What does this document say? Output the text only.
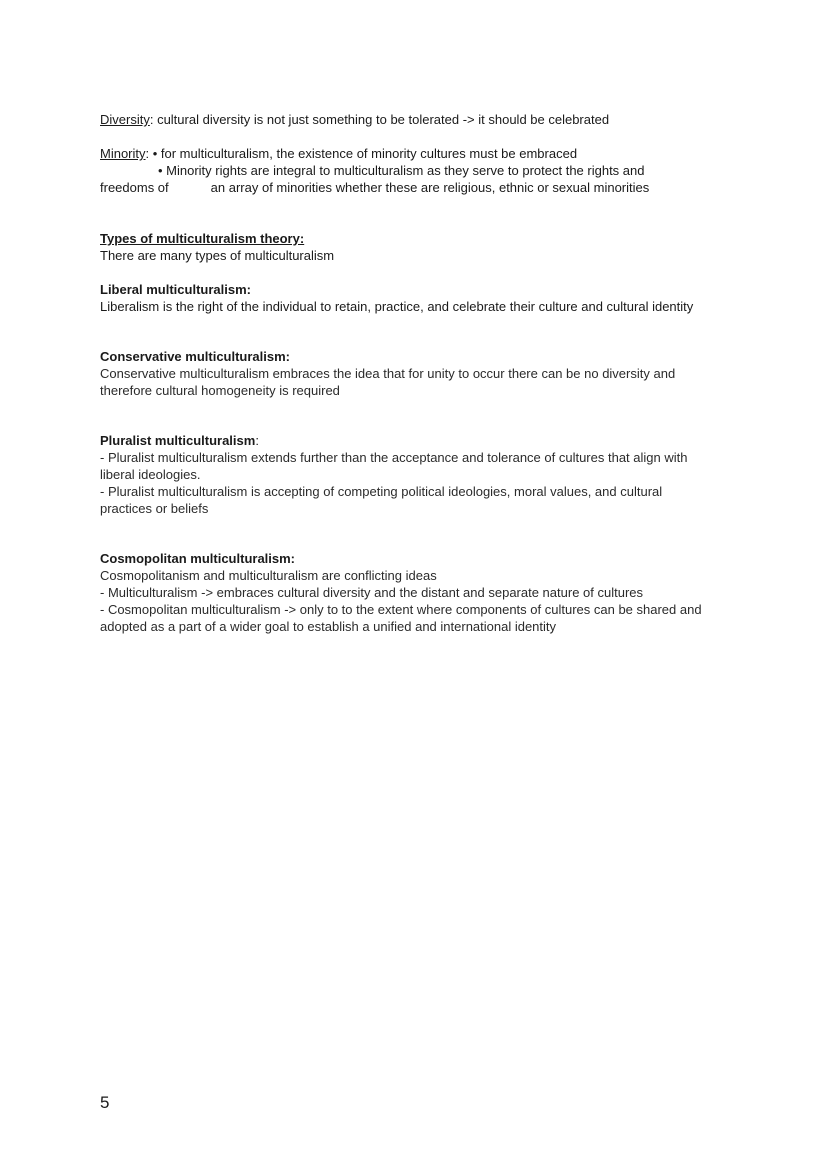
Diversity: cultural diversity is not just something to be tolerated -> it should be celebrated
Minority: • for multiculturalism, the existence of minority cultures must be embraced
• Minority rights are integral to multiculturalism as they serve to protect the rights and
freedoms of	an array of minorities whether these are religious, ethnic or sexual minorities
Types of multiculturalism theory:
There are many types of multiculturalism
Liberal multiculturalism:
Liberalism is the right of the individual to retain, practice, and celebrate their culture and cultural identity
Conservative multiculturalism:
Conservative multiculturalism embraces the idea that for unity to occur there can be no diversity and therefore cultural homogeneity is required
Pluralist multiculturalism:
- Pluralist multiculturalism extends further than the acceptance and tolerance of cultures that align with liberal ideologies.
- Pluralist multiculturalism is accepting of competing political ideologies, moral values, and cultural practices or beliefs
Cosmopolitan multiculturalism:
Cosmopolitanism and multiculturalism are conflicting ideas
- Multiculturalism -> embraces cultural diversity and the distant and separate nature of cultures
- Cosmopolitan multiculturalism -> only to to the extent where components of cultures can be shared and adopted as a part of a wider goal to establish a unified and international identity
5
